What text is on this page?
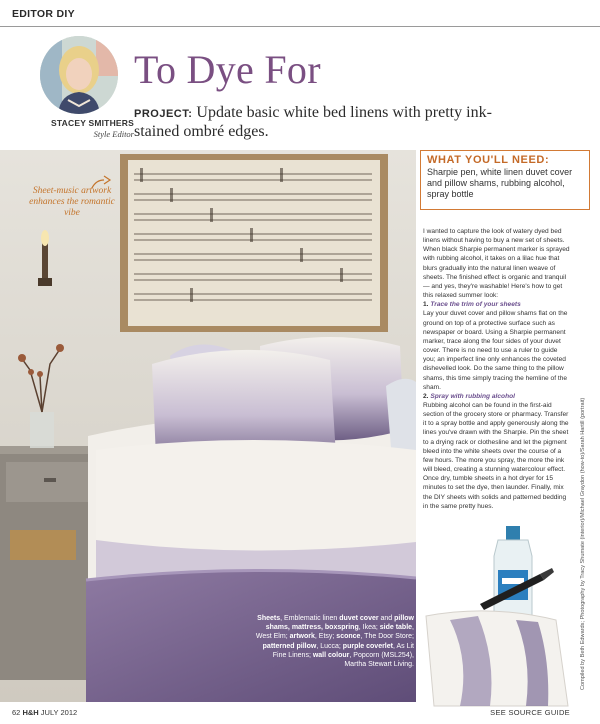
EDITOR DIY
STACEY SMITHERS
Style Editor
To Dye For
PROJECT: Update basic white bed linens with pretty ink-stained ombré edges.
Sheet-music artwork enhances the romantic vibe
Sheets, Emblematic linen duvet cover and pillow shams, mattress, boxspring, Ikea; side table, West Elm; artwork, Etsy; sconce, The Door Store; patterned pillow, Lucca; purple coverlet, As Lit Fine Linens; wall colour, Popcorn (MSL254), Martha Stewart Living.
WHAT YOU'LL NEED:
Sharpie pen, white linen duvet cover and pillow shams, rubbing alcohol, spray bottle

I wanted to capture the look of watery dyed bed linens without having to buy a new set of sheets. When black Sharpie permanent marker is sprayed with rubbing alcohol, it takes on a lilac hue that blurs gradually into the natural linen weave of sheets. The finished effect is organic and tranquil — and yes, they're washable! Here's how to get this relaxed summer look:

1. Trace the trim of your sheets

Lay your duvet cover and pillow shams flat on the ground on top of a protective surface such as newspaper or board. Using a Sharpie permanent marker, trace along the four sides of your duvet cover. There is no need to use a ruler to guide you; an imperfect line only enhances the coveted dishevelled look. Do the same thing to the pillow shams, this time simply tracing the hemline of the sham.

2. Spray with rubbing alcohol

Rubbing alcohol can be found in the first-aid section of the grocery store or pharmacy. Transfer it to a spray bottle and apply generously along the lines you've drawn with the Sharpie. Pin the sheet to a drying rack or clothesline and let the pigment bleed into the white sheets over the course of a few hours. The more you spray, the more the ink will bleed, creating a stunning watercolour effect. Once dry, tumble sheets in a hot dryer for 15 minutes to set the dye, then launder. Finally, mix the DIY sheets with solids and patterned bedding in the same pretty hues.	Compiled by Beth Edwards; Photography by Tracy Shumate (interior)/Michael Graydon (how-to)/Sarah Hartill (portrait)
62 H&H JULY 2012	SEE SOURCE GUIDE
